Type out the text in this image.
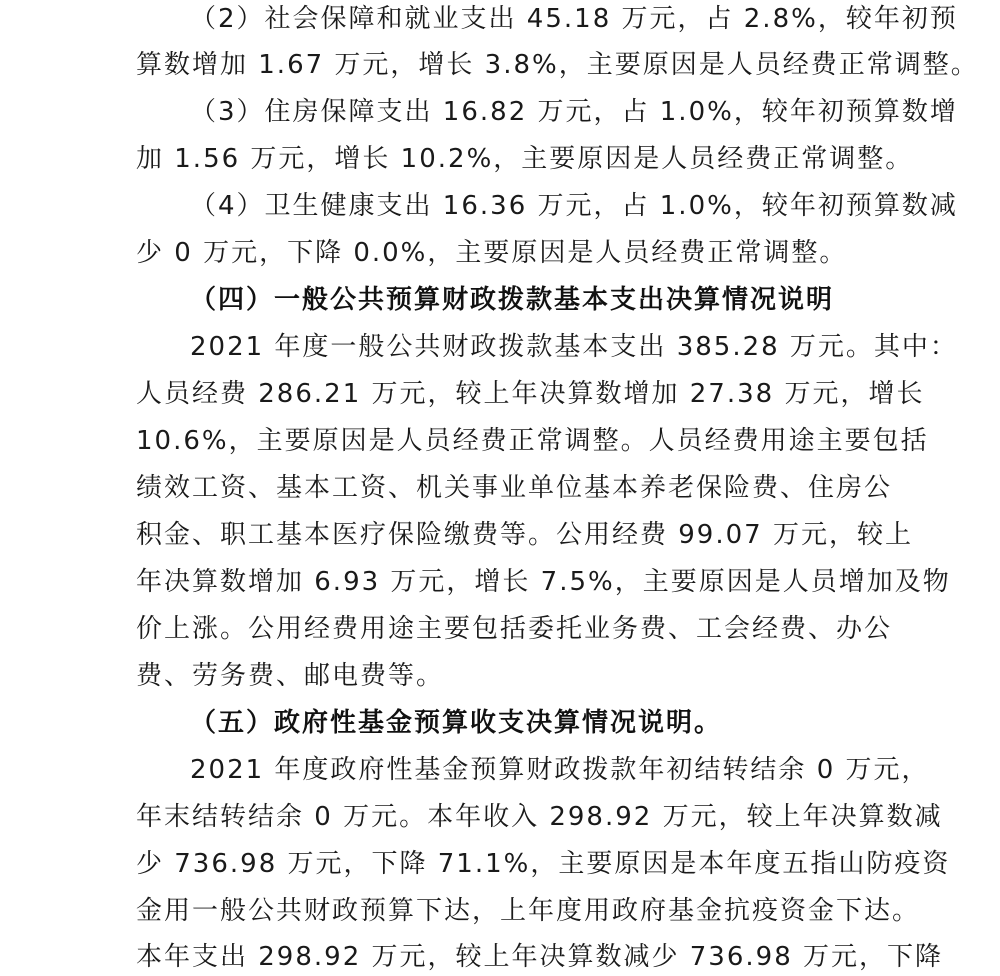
（2）社会保障和就业支出 45.18 万元，占 2.8%，较年初预
算数增加 1.67 万元，增长 3.8%，主要原因是人员经费正常调整。
（3）住房保障支出 16.82 万元，占 1.0%，较年初预算数增
加 1.56 万元，增长 10.2%，主要原因是人员经费正常调整。
（4）卫生健康支出 16.36 万元，占 1.0%，较年初预算数减
少 0 万元，下降 0.0%，主要原因是人员经费正常调整。
（四）一般公共预算财政拨款基本支出决算情况说明
2021 年度一般公共财政拨款基本支出 385.28 万元。其中：
人员经费 286.21 万元，较上年决算数增加 27.38 万元，增长
10.6%，主要原因是人员经费正常调整。人员经费用途主要包括
绩效工资、基本工资、机关事业单位基本养老保险费、住房公
积金、职工基本医疗保险缴费等。公用经费 99.07 万元，较上
年决算数增加 6.93 万元，增长 7.5%，主要原因是人员增加及物
价上涨。公用经费用途主要包括委托业务费、工会经费、办公
费、劳务费、邮电费等。
（五）政府性基金预算收支决算情况说明。
2021 年度政府性基金预算财政拨款年初结转结余 0 万元，
年末结转结余 0 万元。本年收入 298.92 万元，较上年决算数减
少 736.98 万元，下降 71.1%，主要原因是本年度五指山防疫资
金用一般公共财政预算下达，上年度用政府基金抗疫资金下达。
本年支出 298.92 万元，较上年决算数减少 736.98 万元，下降
